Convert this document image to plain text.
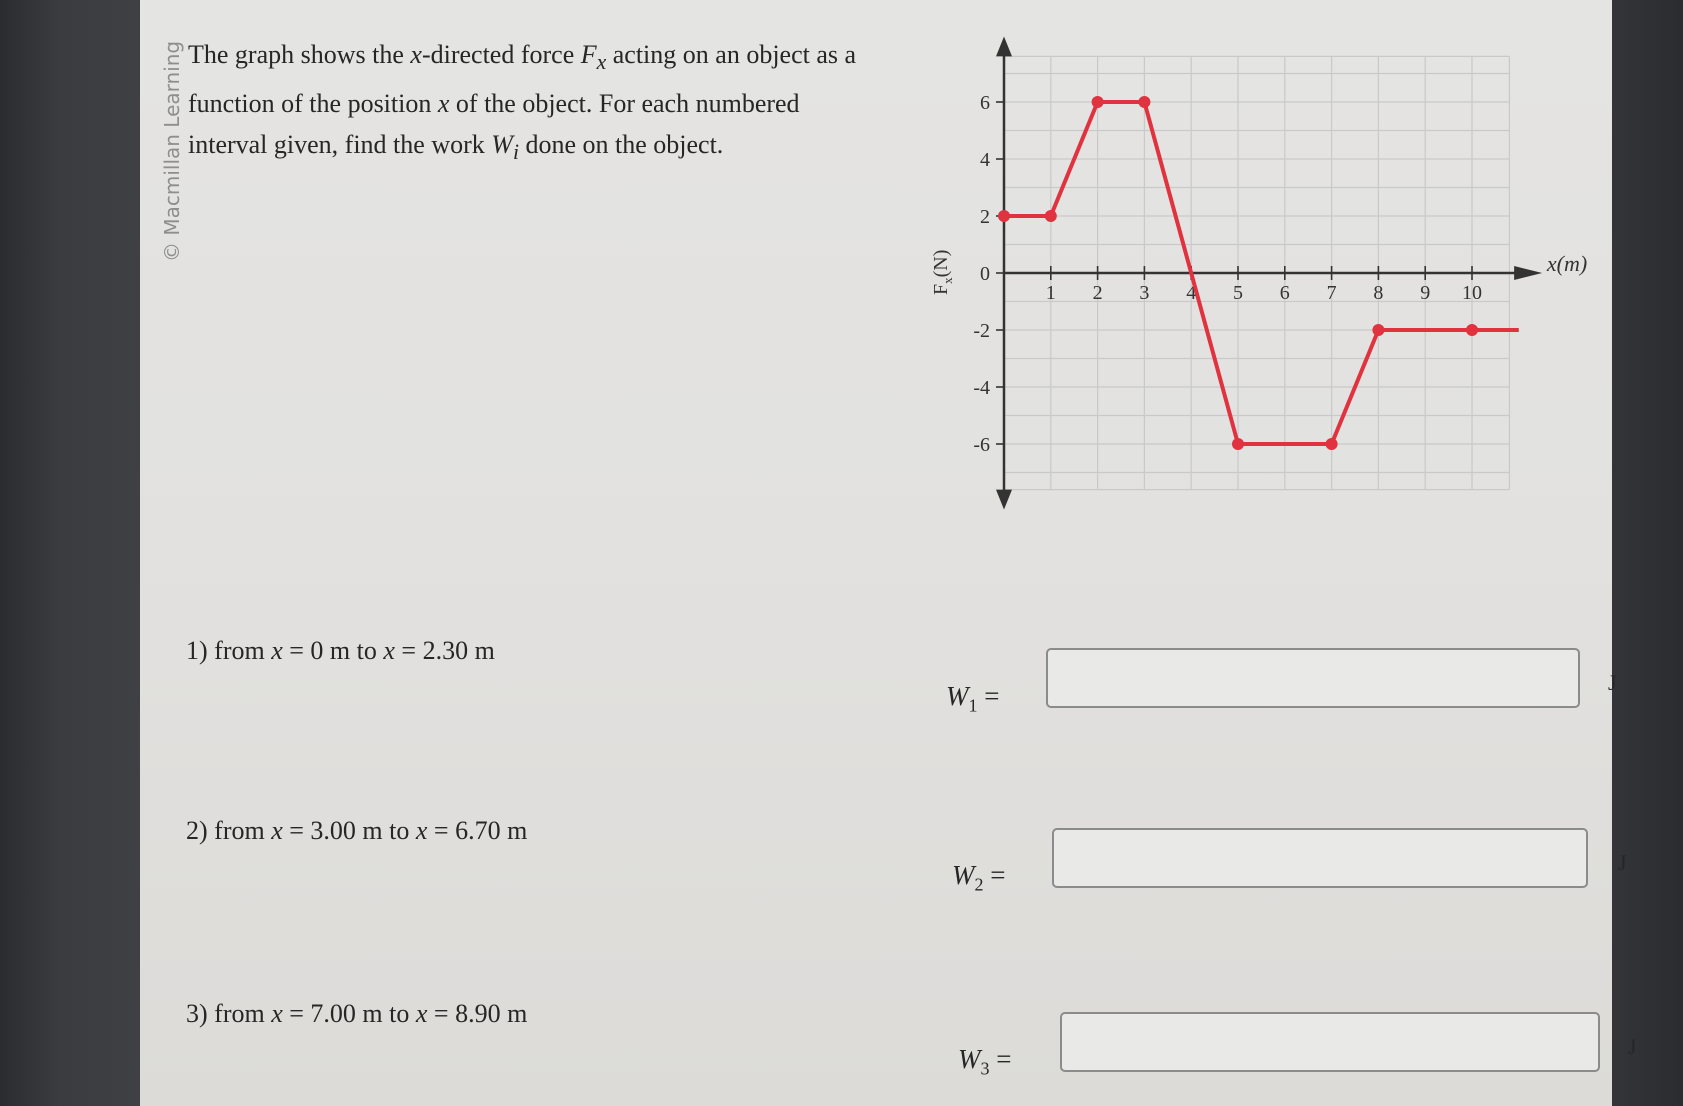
© Macmillan Learning The graph shows the x-directed force $F_x$ acting on an object as a function of the position x of the object. For each numbered interval given, find the work $W_i$ done on the object.

1 2 3 4 5 6 7 8 9 10
6
4
2
0
-2
-4
-6
x(m)
$F_x(N)$
1) from x = 0 m to x = 2.30 m
$W_1$ =	J
2) from x = 3.00 m to x = 6.70 m
$W_2$ =	J
3) from x = 7.00 m to x = 8.90 m
$W_3$ =	J
